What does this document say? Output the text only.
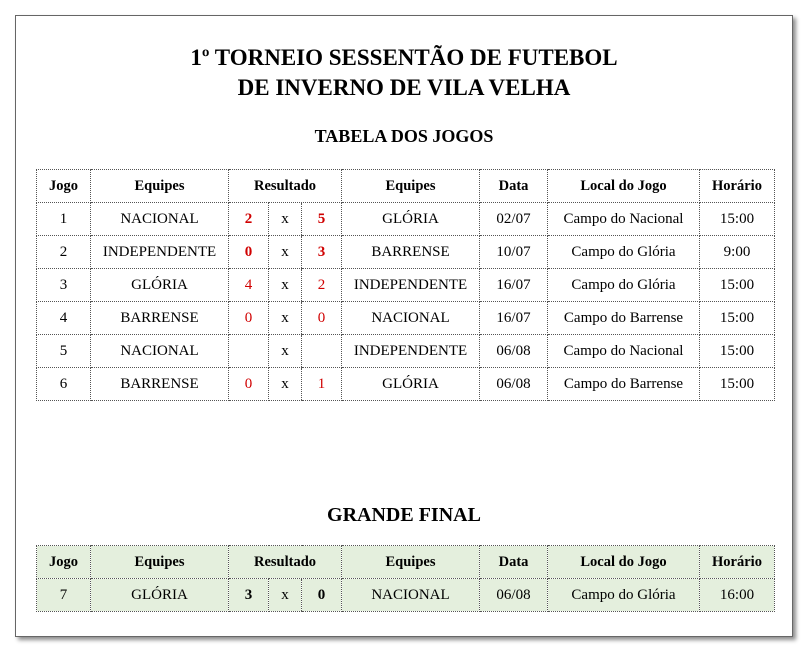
1º TORNEIO SESSENTÃO DE FUTEBOL
DE INVERNO DE VILA VELHA
TABELA DOS JOGOS
Jogo	Equipes	Resultado			Equipes	Data	Local do Jogo	Horário
1	NACIONAL	2	x	5	GLÓRIA	02/07	Campo do Nacional	15:00
2	INDEPENDENTE	0	x	3	BARRENSE	10/07	Campo do Glória	9:00
3	GLÓRIA	4	x	2	INDEPENDENTE	16/07	Campo do Glória	15:00
4	BARRENSE	0	x	0	NACIONAL	16/07	Campo do Barrense	15:00
5	NACIONAL		x		INDEPENDENTE	06/08	Campo do Nacional	15:00
6	BARRENSE	0	x	1	GLÓRIA	06/08	Campo do Barrense	15:00
GRANDE FINAL
Jogo	Equipes	Resultado			Equipes	Data	Local do Jogo	Horário
7	GLÓRIA	3	x	0	NACIONAL	06/08	Campo do Glória	16:00
